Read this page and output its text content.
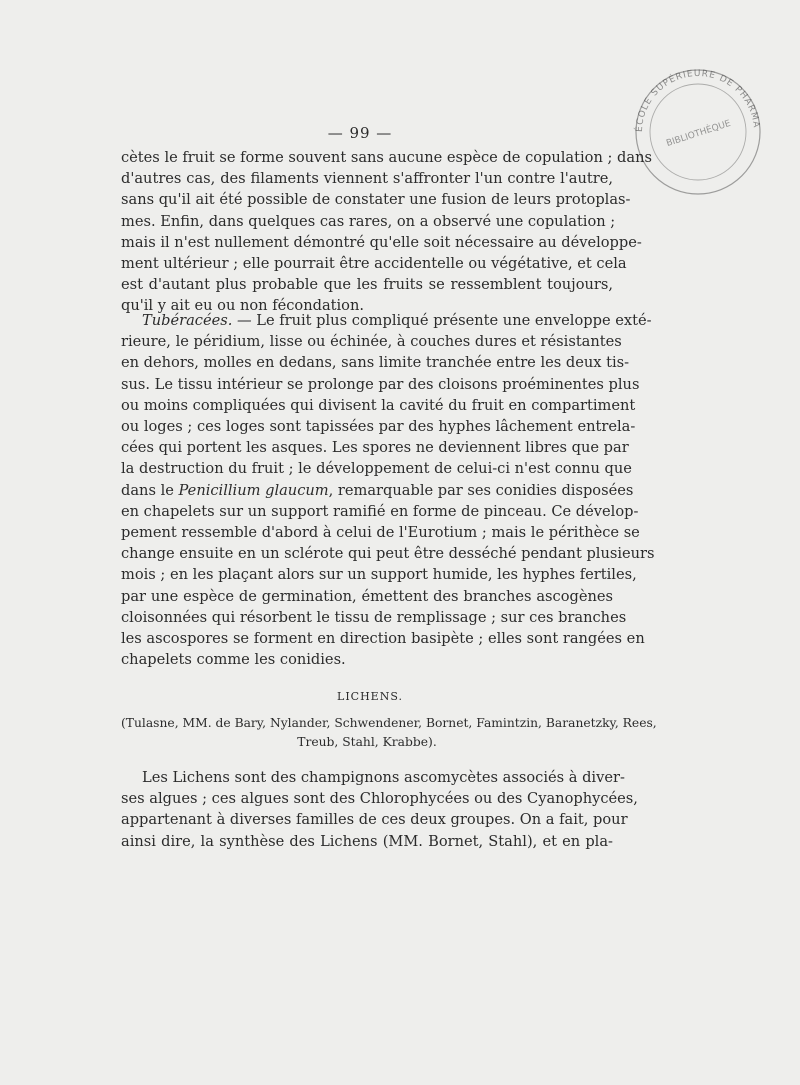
— 99 —	ÉCOLE SUPÉRIEURE DE PHARMA
BIBLIOTHÈQUE
cètes le fruit se forme souvent sans aucune espèce de copulation ; dans
d'autres cas, des filaments viennent s'affronter l'un contre l'autre,
sans qu'il ait été possible de constater une fusion de leurs protoplas-
mes. Enfin, dans quelques cas rares, on a observé une copulation ;
mais il n'est nullement démontré qu'elle soit nécessaire au développe-
ment ultérieur ; elle pourrait être accidentelle ou végétative, et cela
est d'autant plus probable que les fruits se ressemblent toujours,
qu'il y ait eu ou non fécondation.
Tubéracées. — Le fruit plus compliqué présente une enveloppe exté-
rieure, le péridium, lisse ou échinée, à couches dures et résistantes
en dehors, molles en dedans, sans limite tranchée entre les deux tis-
sus. Le tissu intérieur se prolonge par des cloisons proéminentes plus
ou moins compliquées qui divisent la cavité du fruit en compartiment
ou loges ; ces loges sont tapissées par des hyphes lâchement entrela-
cées qui portent les asques. Les spores ne deviennent libres que par
la destruction du fruit ; le développement de celui-ci n'est connu que
dans le Penicillium glaucum, remarquable par ses conidies disposées
en chapelets sur un support ramifié en forme de pinceau. Ce dévelop-
pement ressemble d'abord à celui de l'Eurotium ; mais le périthèce se
change ensuite en un sclérote qui peut être desséché pendant plusieurs
mois ; en les plaçant alors sur un support humide, les hyphes fertiles,
par une espèce de germination, émettent des branches ascogènes
cloisonnées qui résorbent le tissu de remplissage ; sur ces branches
les ascospores se forment en direction basipète ; elles sont rangées en
chapelets comme les conidies.
LICHENS.
(Tulasne, MM. de Bary, Nylander, Schwendener, Bornet, Famintzin, Baranetzky, Rees,
Treub, Stahl, Krabbe).
Les Lichens sont des champignons ascomycètes associés à diver-
ses algues ; ces algues sont des Chlorophycées ou des Cyanophycées,
appartenant à diverses familles de ces deux groupes. On a fait, pour
ainsi dire, la synthèse des Lichens (MM. Bornet, Stahl), et en pla-
